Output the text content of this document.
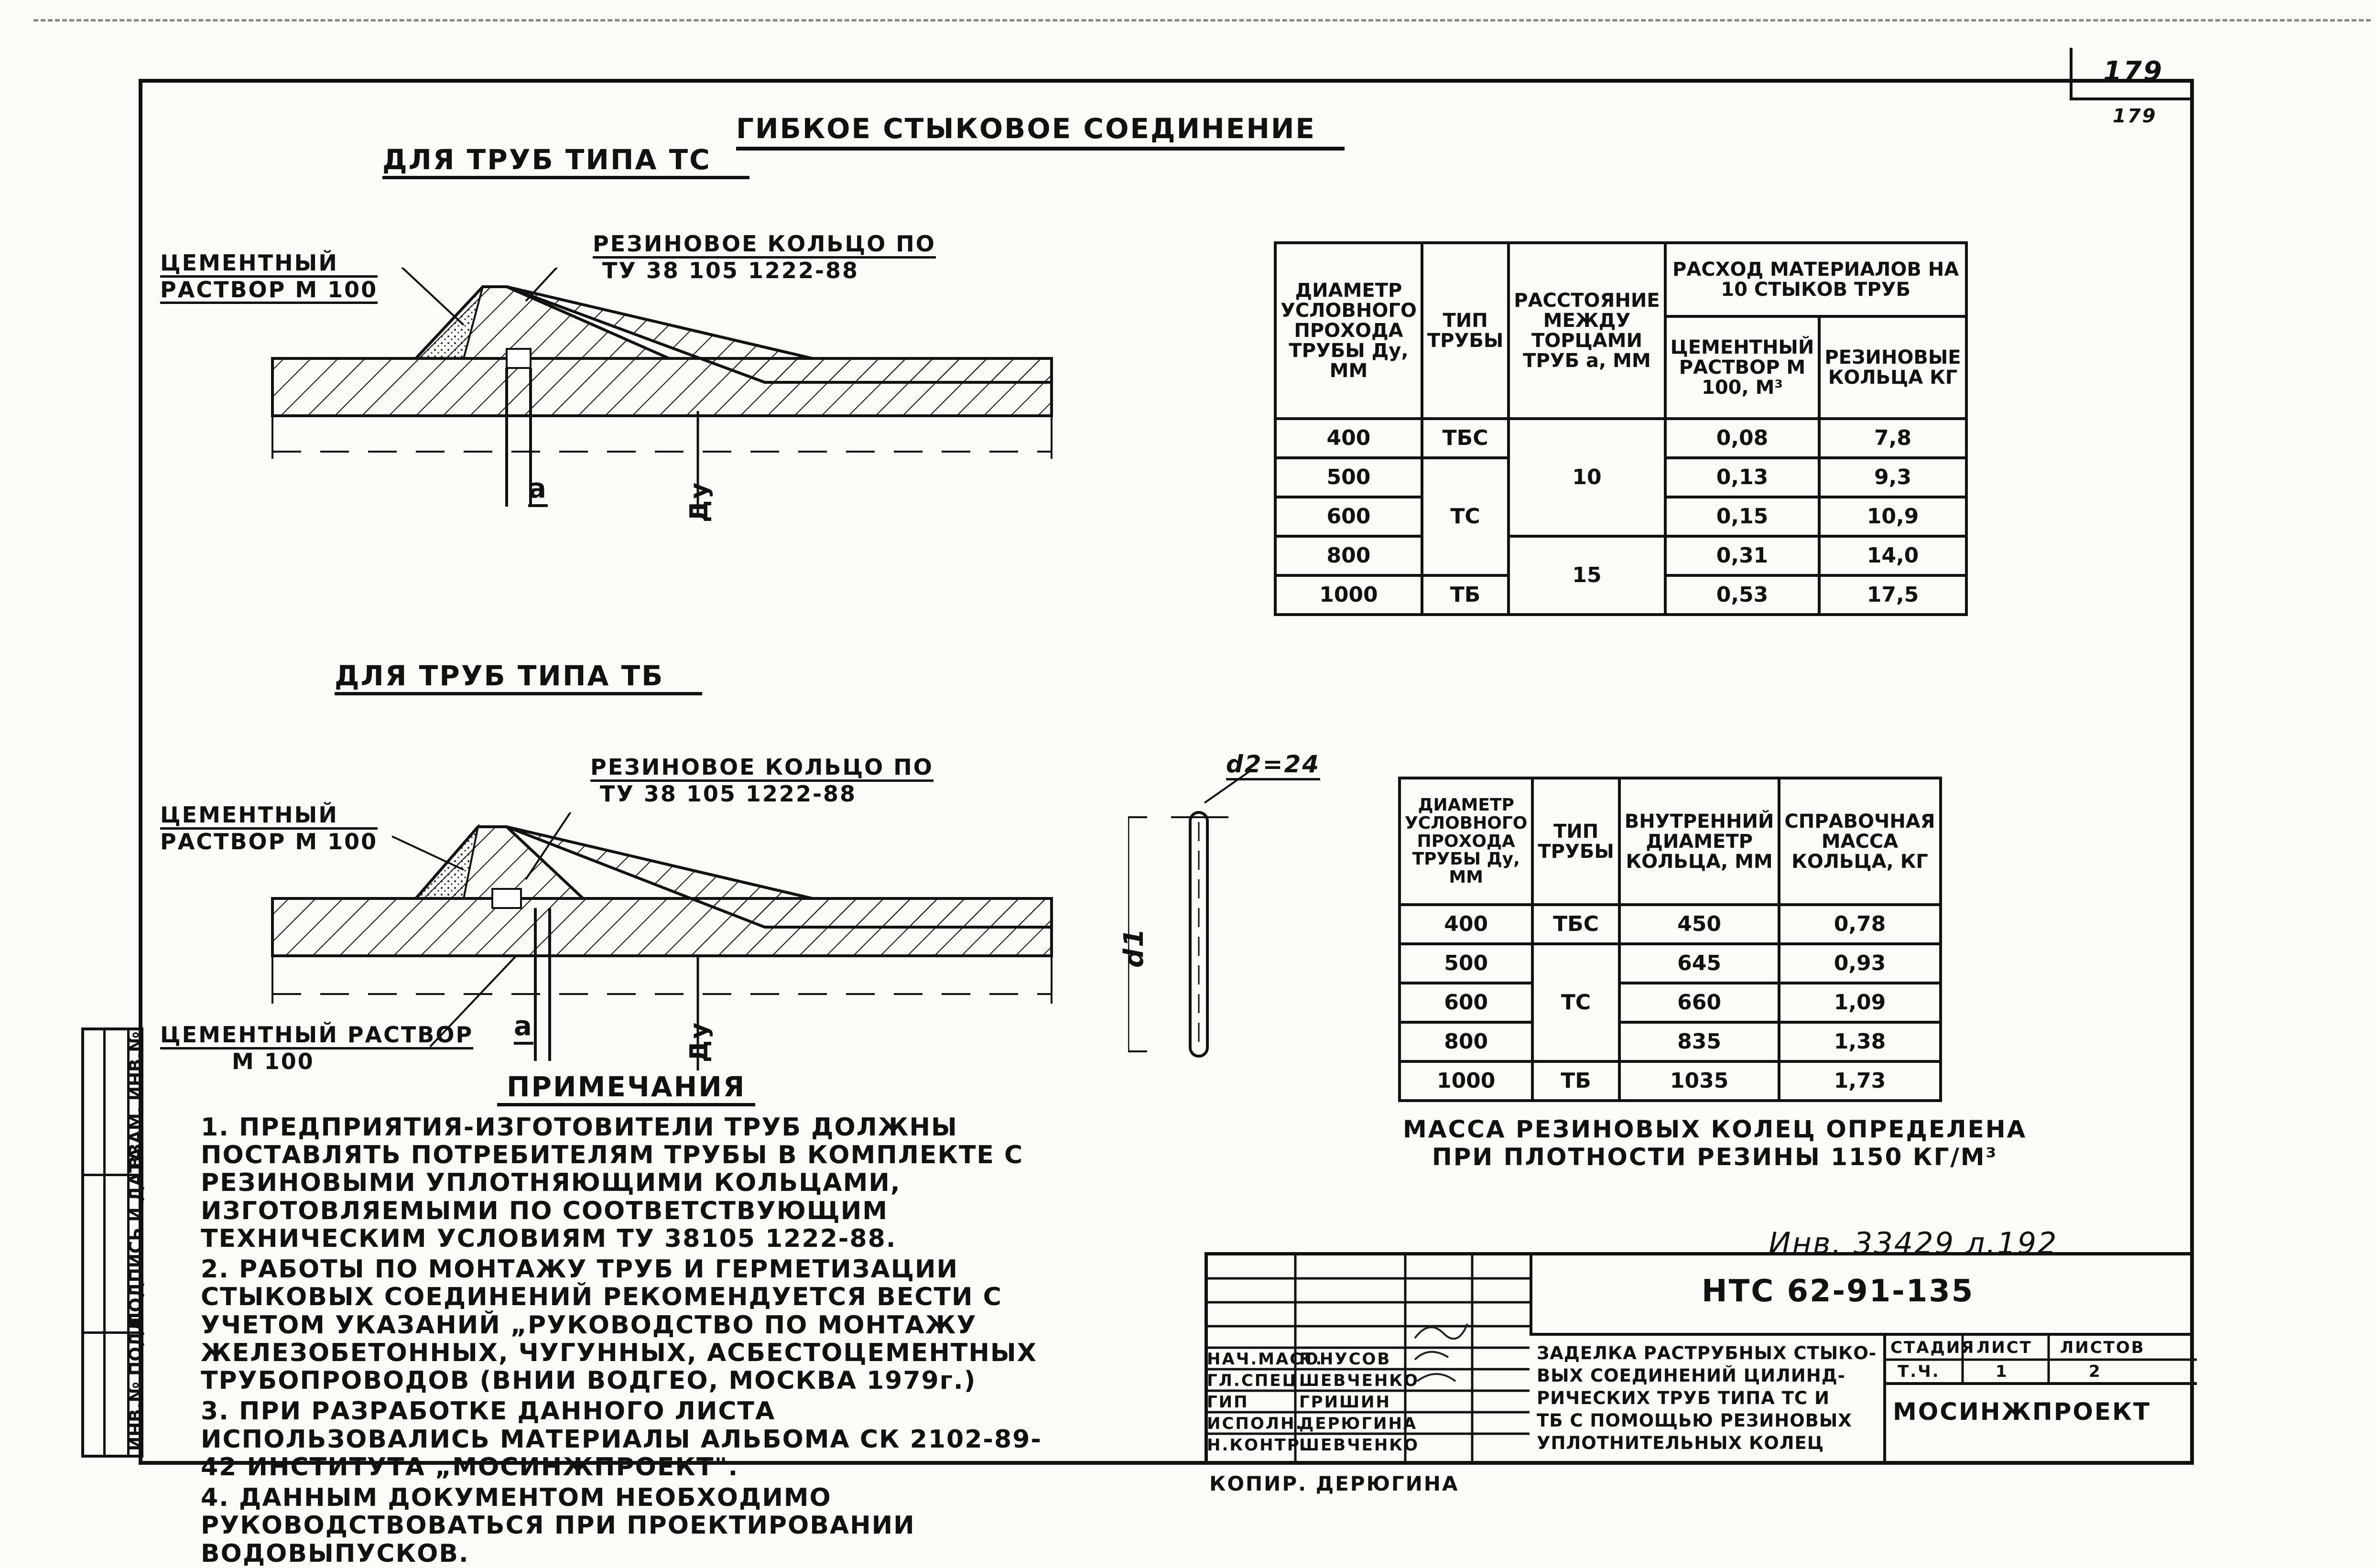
179
179
ГИБКОЕ СТЫКОВОЕ СОЕДИНЕНИЕ
ДЛЯ ТРУБ ТИПА ТС
ЦЕМЕНТНЫЙ
РАСТВОР М 100
РЕЗИНОВОЕ КОЛЬЦО ПО
ТУ 38 105 1222-88
a	Ду
ДЛЯ ТРУБ ТИПА ТБ
ЦЕМЕНТНЫЙ
РАСТВОР М 100
РЕЗИНОВОЕ КОЛЬЦО ПО
ТУ 38 105 1222-88
a	Ду
ЦЕМЕНТНЫЙ РАСТВОР
М 100
d2=24
d1
ДИАМЕТР УСЛОВНОГО ПРОХОДА ТРУБЫ Ду, ММ	ТИП ТРУБЫ	РАССТОЯНИЕ МЕЖДУ ТОРЦАМИ ТРУБ а, ММ	РАСХОД МАТЕРИАЛОВ НА 10 СТЫКОВ ТРУБ	
			ЦЕМЕНТНЫЙ РАСТВОР М 100, М³	РЕЗИНОВЫЕ КОЛЬЦА КГ
400	ТБС	10	0,08	7,8
500	ТС		0,13	9,3
600			0,15	10,9
800		15	0,31	14,0
1000	ТБ		0,53	17,5
ДИАМЕТР УСЛОВНОГО ПРОХОДА ТРУБЫ Ду, ММ	ТИП ТРУБЫ	ВНУТРЕННИЙ ДИАМЕТР КОЛЬЦА, ММ	СПРАВОЧНАЯ МАССА КОЛЬЦА, КГ
400	ТБС	450	0,78
500	ТС	645	0,93
600		660	1,09
800		835	1,38
1000	ТБ	1035	1,73
МАССА РЕЗИНОВЫХ КОЛЕЦ ОПРЕДЕЛЕНА
ПРИ ПЛОТНОСТИ РЕЗИНЫ 1150 КГ/М³
ПРИМЕЧАНИЯ
1. ПРЕДПРИЯТИЯ-ИЗГОТОВИТЕЛИ ТРУБ ДОЛЖНЫ ПОСТАВЛЯТЬ ПОТРЕБИТЕЛЯМ ТРУБЫ В КОМПЛЕКТЕ С РЕЗИНОВЫМИ УПЛОТНЯЮЩИМИ КОЛЬЦАМИ, ИЗГОТОВЛЯЕМЫМИ ПО СООТВЕТСТВУЮЩИМ ТЕХНИЧЕСКИМ УСЛОВИЯМ ТУ 38105 1222-88.
2. РАБОТЫ ПО МОНТАЖУ ТРУБ И ГЕРМЕТИЗАЦИИ СТЫКОВЫХ СОЕДИНЕНИЙ РЕКОМЕНДУЕТСЯ ВЕСТИ С УЧЕТОМ УКАЗАНИЙ „РУКОВОДСТВО ПО МОНТАЖУ ЖЕЛЕЗОБЕТОННЫХ, ЧУГУННЫХ, АСБЕСТОЦЕМЕНТНЫХ ТРУБОПРОВОДОВ (ВНИИ ВОДГЕО, МОСКВА 1979г.)
3. ПРИ РАЗРАБОТКЕ ДАННОГО ЛИСТА ИСПОЛЬЗОВАЛИСЬ МАТЕРИАЛЫ АЛЬБОМА СК 2102-89-42 ИНСТИТУТА „МОСИНЖПРОЕКТ".
4. ДАННЫМ ДОКУМЕНТОМ НЕОБХОДИМО РУКОВОДСТВОВАТЬСЯ ПРИ ПРОЕКТИРОВАНИИ ВОДОВЫПУСКОВ.
ИНВ.№ ПОДЛ.
ПОДПИСЬ И ДАТА
ВЗАМ. ИНВ.№
Инв. 33429 л.192
НТС 62-91-135
НАЧ.МАСТ.
ГЛ.СПЕЦ.
ГИП
ИСПОЛН.
Н.КОНТР.
ЮНУСОВ
ШЕВЧЕНКО
ГРИШИН
ДЕРЮГИНА
ШЕВЧЕНКО
ЗАДЕЛКА РАСТРУБНЫХ СТЫКО-
ВЫХ СОЕДИНЕНИЙ ЦИЛИНД-
РИЧЕСКИХ ТРУБ ТИПА ТС И
ТБ С ПОМОЩЬЮ РЕЗИНОВЫХ
УПЛОТНИТЕЛЬНЫХ КОЛЕЦ
СТАДИЯ
Т.Ч.
ЛИСТ
1
ЛИСТОВ
2
МОСИНЖПРОЕКТ
КОПИР. ДЕРЮГИНА
